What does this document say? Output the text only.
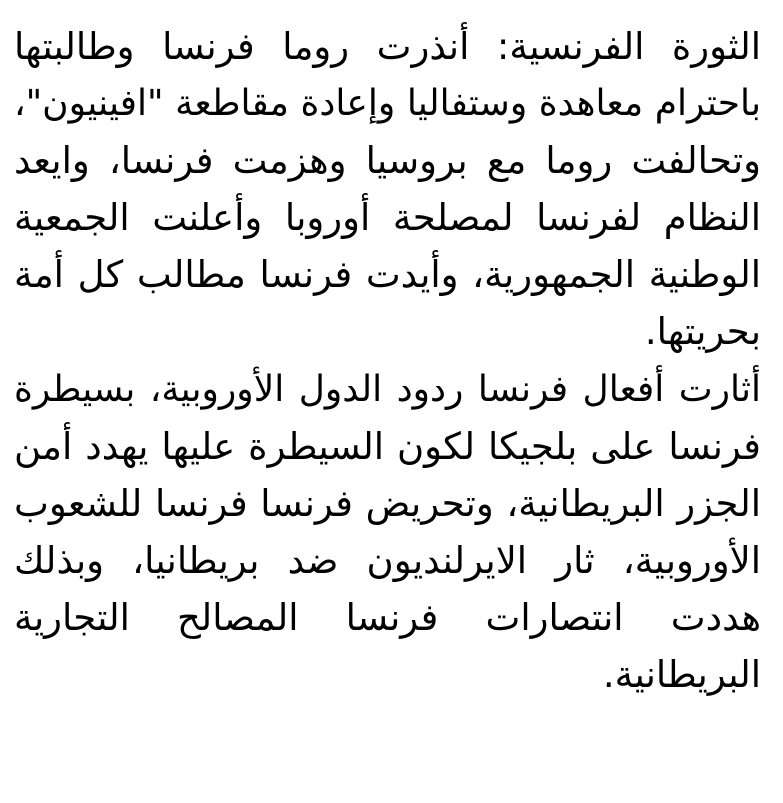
الثورة الفرنسية: أنذرت روما فرنسا وطالبتها
باحترام معاهدة وستفاليا وإعادة مقاطعة "افينيون"،
وتحالفت روما مع بروسيا وهزمت فرنسا، وايعد
النظام لفرنسا لمصلحة أوروبا وأعلنت الجمعية
الوطنية الجمهورية، وأيدت فرنسا مطالب كل أمة
بحريتها.
أثارت أفعال فرنسا ردود الدول الأوروبية، بسيطرة
فرنسا على بلجيكا لكون السيطرة عليها يهدد أمن
الجزر البريطانية، وتحريض فرنسا فرنسا للشعوب
الأوروبية، ثار الايرلنديون ضد بريطانيا، وبذلك
هددت انتصارات فرنسا المصالح التجارية
البريطانية.
